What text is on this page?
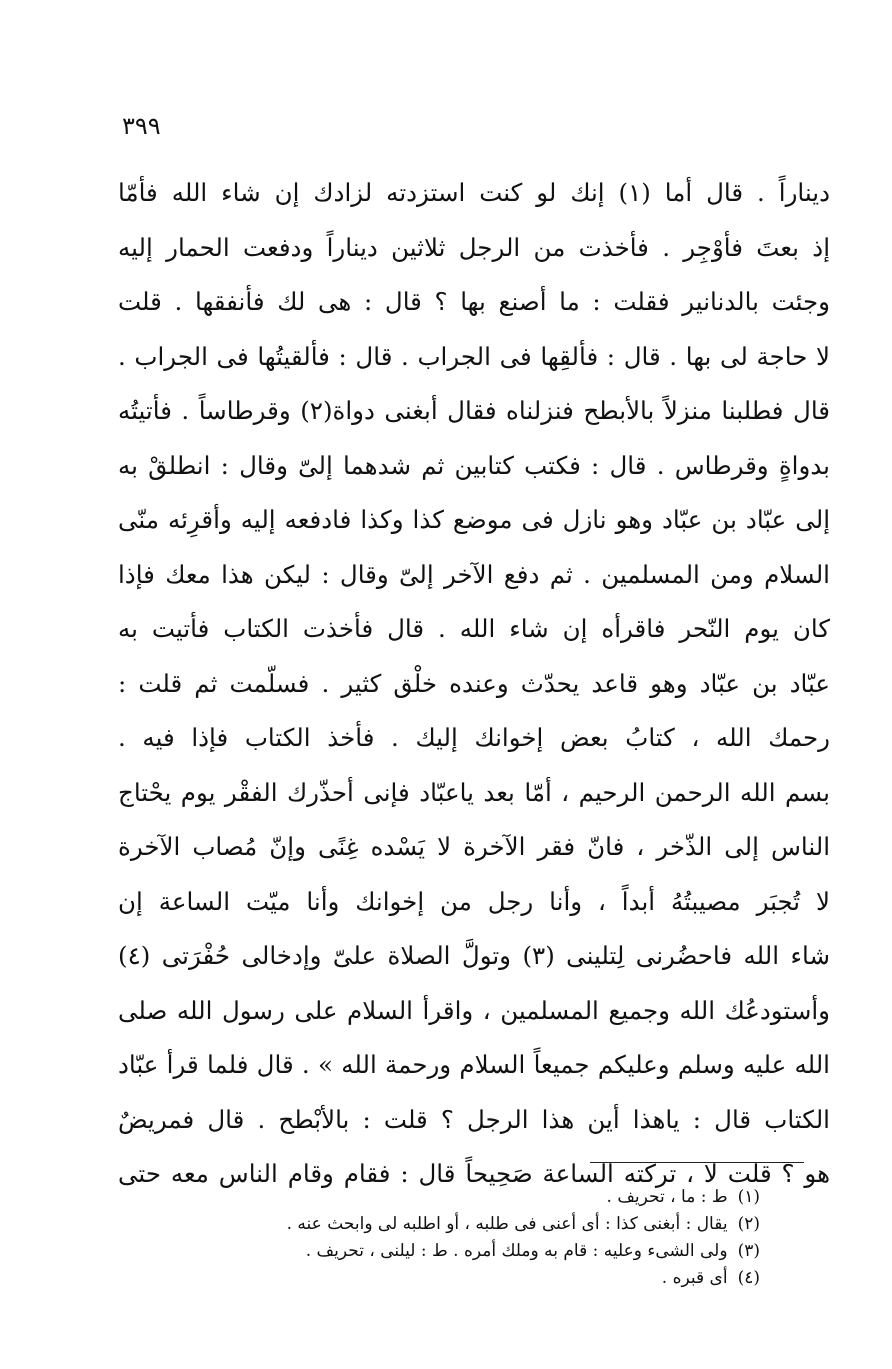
٣٩٩
ديناراً . قال أما (١) إنك لو كنت استزدته لزادك إن شاء الله فأمّا
إذ بعتَ فأوْجِر . فأخذت من الرجل ثلاثين ديناراً ودفعت الحمار إليه
وجئت بالدنانير فقلت : ما أصنع بها ؟ قال : هى لك فأنفقها . قلت
لا حاجة لى بها . قال : فألقِها فى الجراب . قال : فألقيتُها فى الجراب .
قال فطلبنا منزلاً بالأبطح فنزلناه فقال أبغنى دواة(٢) وقرطاساً . فأتيتُه
بدواةٍ وقرطاس . قال : فكتب كتابين ثم شدهما إلىّ وقال : انطلقْ به
إلى عبّاد بن عبّاد وهو نازل فى موضع كذا وكذا فادفعه إليه وأقرِئه منّى
السلام ومن المسلمين . ثم دفع الآخر إلىّ وقال : ليكن هذا معك فإذا
كان يوم النّحر فاقرأه إن شاء الله . قال فأخذت الكتاب فأتيت به
عبّاد بن عبّاد وهو قاعد يحدّث وعنده خلْق كثير . فسلّمت ثم قلت :
رحمك الله ، كتابُ بعض إخوانك إليك . فأخذ الكتاب فإذا فيه .
بسم الله الرحمن الرحيم ، أمّا بعد ياعبّاد فإنى أحذّرك الفقْر يوم يحْتاج
الناس إلى الذّخر ، فانّ فقر الآخرة لا يَسْده غِنًى وإنّ مُصاب الآخرة
لا تُجبَر مصيبتُهُ أبداً ، وأنا رجل من إخوانك وأنا ميّت الساعة إن
شاء الله فاحضُرنى لِتلينى (٣) وتولَّ الصلاة علىّ وإدخالى حُفْرَتى (٤)
وأستودعُك الله وجميع المسلمين ، واقرأ السلام على رسول الله صلى
الله عليه وسلم وعليكم جميعاً السلام ورحمة الله » . قال فلما قرأ عبّاد
الكتاب قال : ياهذا أين هذا الرجل ؟ قلت : بالأبْطح . قال فمريضٌ
هو ؟ قلت لا ، تركته الساعة صَحِيحاً قال : فقام وقام الناس معه حتى
(١)ط : ما ، تحريف .
(٢)يقال : أبغنى كذا : أى أعنى فى طلبه ، أو اطلبه لى وابحث عنه .
(٣)ولى الشىء وعليه : قام به وملك أمره . ط : ليلنى ، تحريف .
(٤)أى قبره .
